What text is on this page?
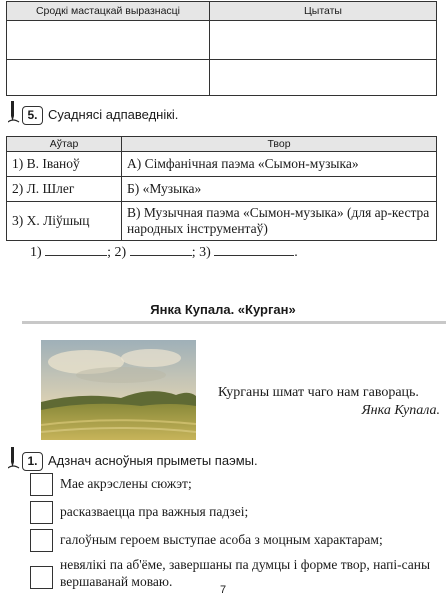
Сродкі мастацкай выразнасці	Цытаты

5. Суаднясі адпаведнікі.
Аўтар	Твор
1) В. Іваноў	А) Сімфанічная паэма «Сымон-музыка»
2) Л. Шлег	Б) «Музыка»
3) Х. Ліўшыц	В) Музычная паэма «Сымон-музыка» (для ар-кестра народных інструментаў)
1)	; 2)	; 3)	.
Янка Купала. «Курган»
Курганы шмат чаго нам гавораць.
Янка Купала.
1. Адзнач асноўныя прыметы паэмы.
Мае акрэслены сюжэт;
расказваецца пра важныя падзеі;
галоўным героем выступае асоба з моцным характарам;
невялікі па аб'ёме, завершаны па думцы і форме твор, напі-саны вершаванай моваю.
7
